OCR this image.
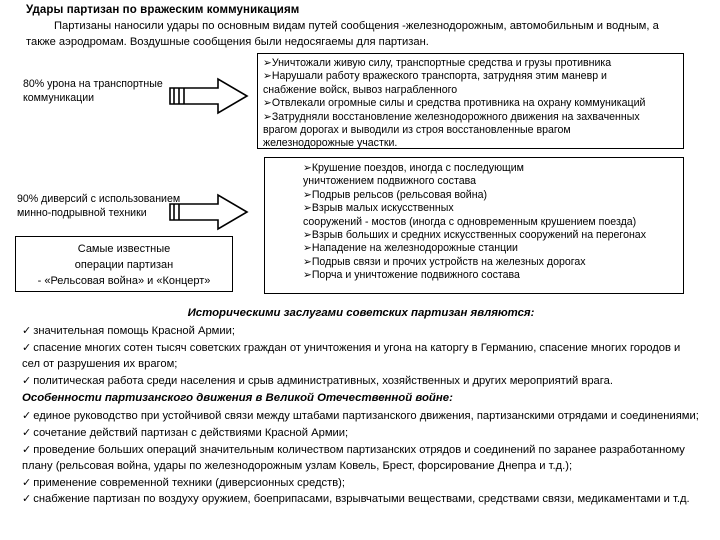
Удары партизан по вражеским коммуникациям
Партизаны наносили удары по основным видам путей сообщения -железнодорожным, автомобильным и водным, а также аэродромам. Воздушные сообщения были недосягаемы для партизан.
80% урона на транспортные коммуникации
90% диверсий с использованием минно-подрывной техники
➢Уничтожали живую силу, транспортные средства и грузы противника
➢Нарушали работу вражеского транспорта, затрудняя этим маневр и
снабжение войск, вывоз награбленного
➢Отвлекали огромные силы и средства противника на охрану коммуникаций
➢Затрудняли восстановление железнодорожного движения на захваченных
врагом дорогах и выводили из строя восстановленные врагом
железнодорожные участки.
➢Крушение поездов, иногда с последующим
уничтожением подвижного состава
➢Подрыв рельсов (рельсовая война)
➢Взрыв малых искусственных
сооружений - мостов (иногда с одновременным крушением поезда)
➢Взрыв больших и средних искусственных сооружений на перегонах
➢Нападение на железнодорожные станции
➢Подрыв связи и прочих устройств на железных дорогах
➢Порча и уничтожение подвижного состава
Самые известные
операции партизан
- «Рельсовая война» и «Концерт»
Историческими заслугами советских партизан являются:
✓ значительная помощь Красной Армии;
✓ спасение многих сотен тысяч советских граждан от уничтожения и угона на каторгу в Германию, спасение многих городов и сел от разрушения их врагом;
✓ политическая работа среди населения и срыв административных, хозяйственных и других мероприятий врага.
Особенности партизанского движения в Великой Отечественной войне:
✓ единое руководство при устойчивой связи между штабами партизанского движения, партизанскими отрядами и соединениями;
✓ сочетание действий партизан с действиями Красной Армии;
✓ проведение больших операций значительным количеством партизанских отрядов и соединений по заранее разработанному плану (рельсовая война, удары по железнодорожным узлам Ковель, Брест, форсирование Днепра и т.д.);
✓ применение современной техники (диверсионных средств);
✓ снабжение партизан по воздуху оружием, боеприпасами, взрывчатыми веществами, средствами связи, медикаментами и т.д.
